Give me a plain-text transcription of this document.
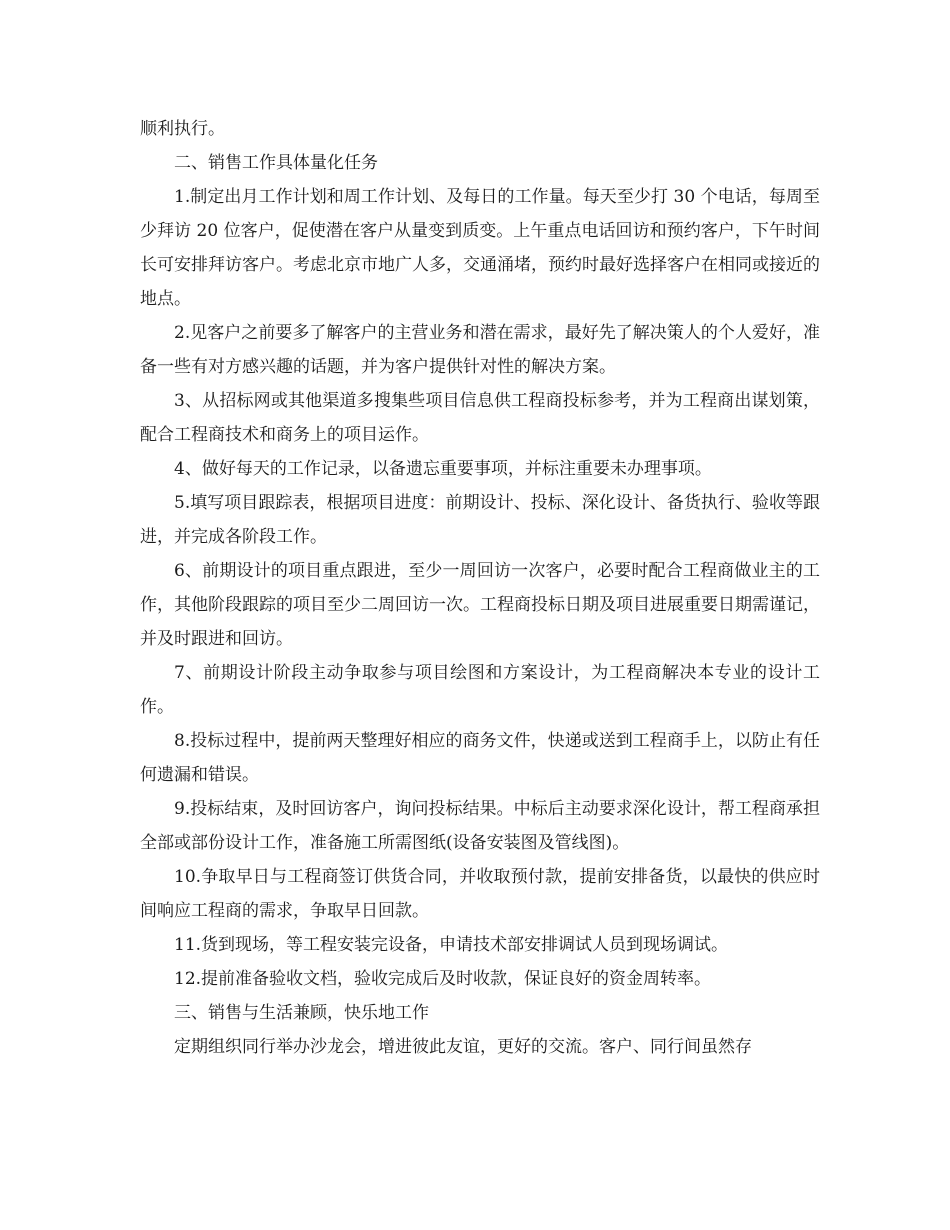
顺利执行。

二、销售工作具体量化任务

1.制定出月工作计划和周工作计划、及每日的工作量。每天至少打 30 个电话，每周至少拜访 20 位客户，促使潜在客户从量变到质变。上午重点电话回访和预约客户，下午时间长可安排拜访客户。考虑北京市地广人多，交通涌堵，预约时最好选择客户在相同或接近的地点。

2.见客户之前要多了解客户的主营业务和潜在需求，最好先了解决策人的个人爱好，准备一些有对方感兴趣的话题，并为客户提供针对性的解决方案。

3、从招标网或其他渠道多搜集些项目信息供工程商投标参考，并为工程商出谋划策，配合工程商技术和商务上的项目运作。

4、做好每天的工作记录，以备遗忘重要事项，并标注重要未办理事项。

5.填写项目跟踪表，根据项目进度：前期设计、投标、深化设计、备货执行、验收等跟进，并完成各阶段工作。

6、前期设计的项目重点跟进，至少一周回访一次客户，必要时配合工程商做业主的工作，其他阶段跟踪的项目至少二周回访一次。工程商投标日期及项目进展重要日期需谨记，并及时跟进和回访。

7、前期设计阶段主动争取参与项目绘图和方案设计，为工程商解决本专业的设计工作。

8.投标过程中，提前两天整理好相应的商务文件，快递或送到工程商手上，以防止有任何遗漏和错误。

9.投标结束，及时回访客户，询问投标结果。中标后主动要求深化设计，帮工程商承担全部或部份设计工作，准备施工所需图纸(设备安装图及管线图)。

10.争取早日与工程商签订供货合同，并收取预付款，提前安排备货，以最快的供应时间响应工程商的需求，争取早日回款。

11.货到现场，等工程安装完设备，申请技术部安排调试人员到现场调试。

12.提前准备验收文档，验收完成后及时收款，保证良好的资金周转率。

三、销售与生活兼顾，快乐地工作

定期组织同行举办沙龙会，增进彼此友谊，更好的交流。客户、同行间虽然存
